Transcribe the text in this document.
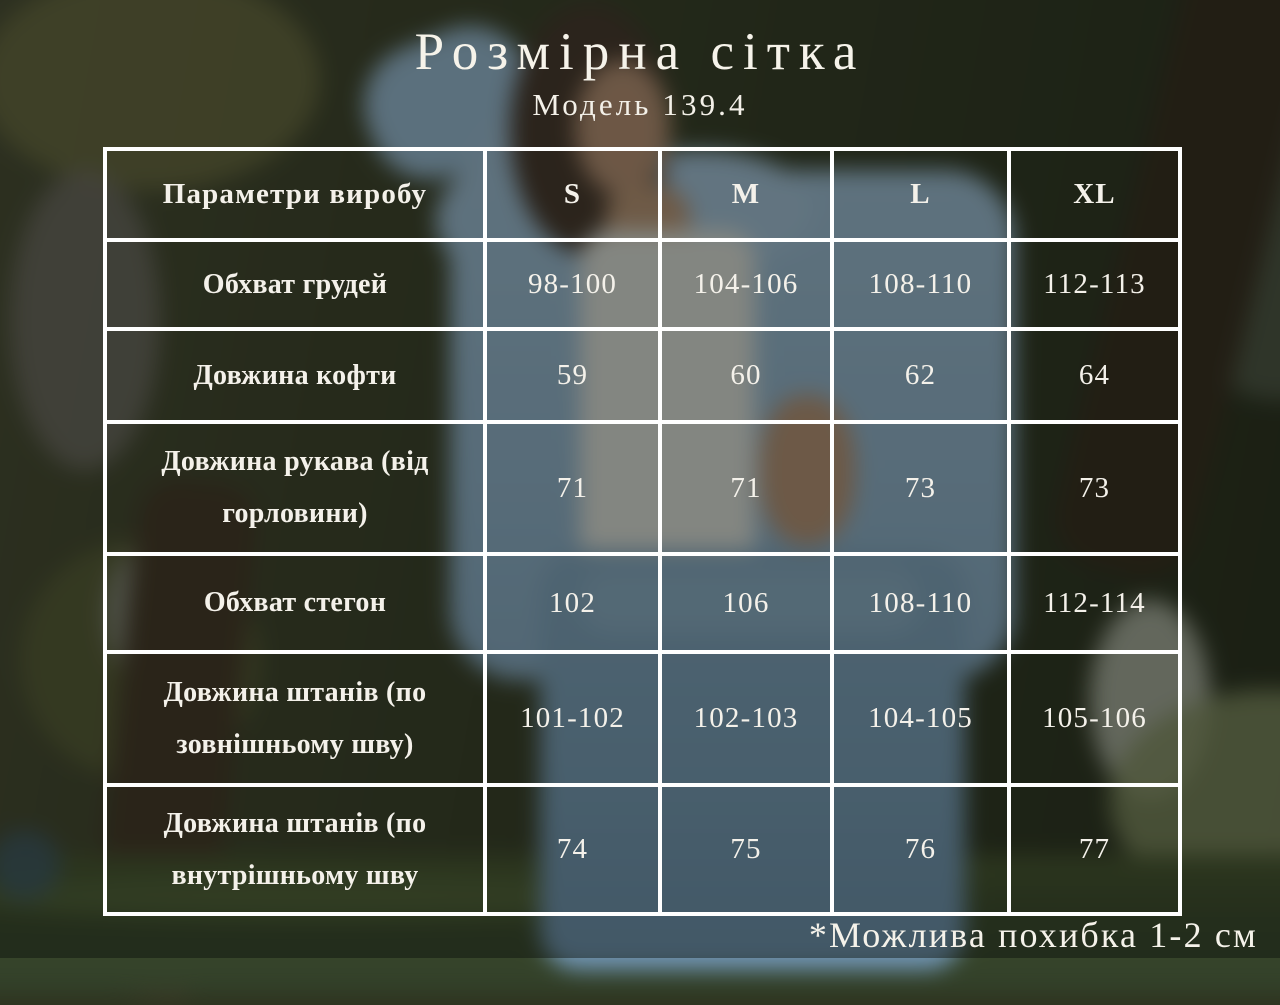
Розмірна сітка
Модель 139.4
Параметри виробу	S	M	L	XL
Обхват грудей	98-100	104-106	108-110	112-113
Довжина кофти	59	60	62	64
Довжина рукава (від горловини)	71	71	73	73
Обхват стегон	102	106	108-110	112-114
Довжина штанів (по зовнішньому шву)	101-102	102-103	104-105	105-106
Довжина штанів (по внутрішньому шву	74	75	76	77
*Можлива похибка 1-2 см
